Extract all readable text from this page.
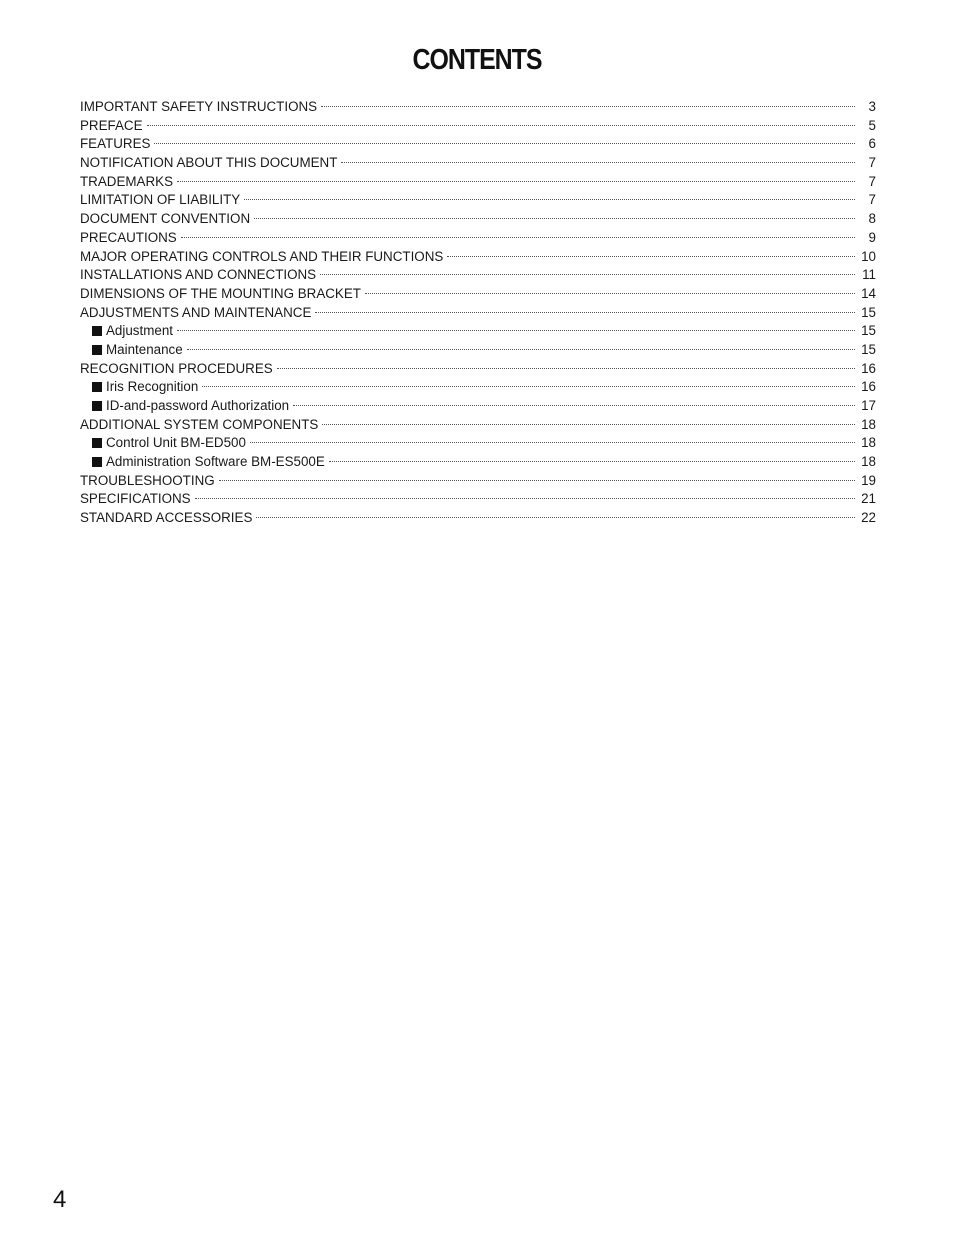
CONTENTS
IMPORTANT SAFETY INSTRUCTIONS	3
PREFACE	5
FEATURES	6
NOTIFICATION ABOUT THIS DOCUMENT	7
TRADEMARKS	7
LIMITATION OF LIABILITY	7
DOCUMENT CONVENTION	8
PRECAUTIONS	9
MAJOR OPERATING CONTROLS AND THEIR FUNCTIONS	10
INSTALLATIONS AND CONNECTIONS	11
DIMENSIONS OF THE MOUNTING BRACKET	14
ADJUSTMENTS AND MAINTENANCE	15
Adjustment	15
Maintenance	15
RECOGNITION PROCEDURES	16
Iris Recognition	16
ID-and-password Authorization	17
ADDITIONAL SYSTEM COMPONENTS	18
Control Unit BM-ED500	18
Administration Software BM-ES500E	18
TROUBLESHOOTING	19
SPECIFICATIONS	21
STANDARD ACCESSORIES	22
4
